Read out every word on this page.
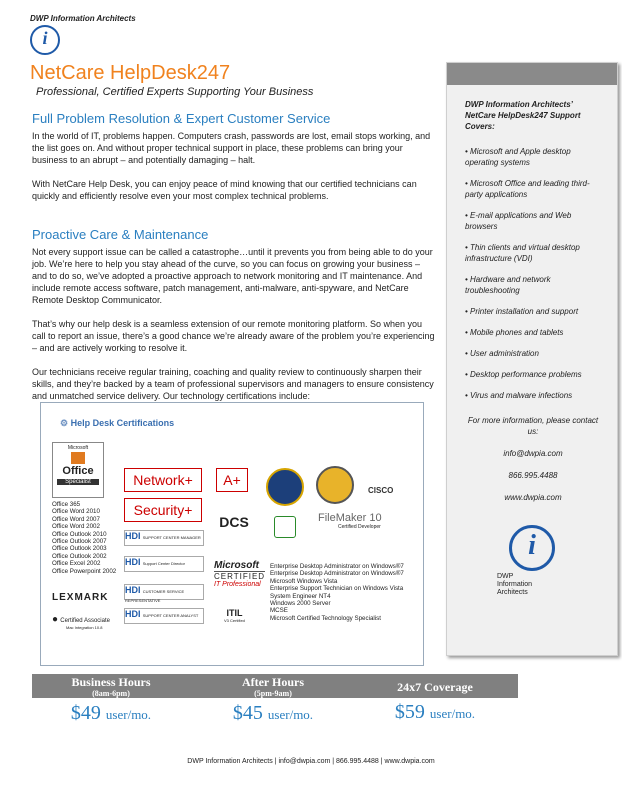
DWP Information Architects
i
NetCare HelpDesk247
Professional, Certified Experts Supporting Your Business
Full Problem Resolution & Expert Customer Service

In the world of IT, problems happen. Computers crash, passwords are lost, email stops working, and the list goes on. And without proper technical support in place, these problems can bring your business to an abrupt – and potentially damaging – halt.

With NetCare Help Desk, you can enjoy peace of mind knowing that our certified technicians can quickly and efficiently resolve even your most complex technical problems.

Proactive Care & Maintenance

Not every support issue can be called a catastrophe…until it prevents you from being able to do your job. We’re here to help you stay ahead of the curve, so you can focus on growing your business – and to do so, we’ve adopted a proactive approach to network monitoring and IT maintenance. And include remote access software, patch management, anti-malware, anti-spyware, and NetCare Remote Desktop Communicator.

That’s why our help desk is a seamless extension of our remote monitoring platform. So when you call to report an issue, there’s a good chance we’re already aware of the problem you’re experiencing – and are actively working to resolve it.

Our technicians receive regular training, coaching and quality review to continuously sharpen their skills, and they’re backed by a team of professional supervisors and managers to ensure consistency and unmatched service delivery. Our technology certifications include:

⚙ Help Desk Certifications
Microsoft
Office
Specialist
Office 365
Office Word 2010
Office Word 2007
Office Word 2002
Office Outlook 2010
Office Outlook 2007
Office Outlook 2003
Office Outlook 2002
Office Excel 2002
Office Powerpoint 2002
LEXMARK
● Certified Associate
Mac Integration 10.8
Network+	A+
Security+
CISCO
HDI SUPPORT CENTER MANAGER
HDI Support Center Director
HDI CUSTOMER SERVICE REPRESENTATIVE
HDI SUPPORT CENTER ANALYST
DCS	FileMaker 10
Certified Developer
Microsoft
CERTIFIED
IT Professional
ITIL
V3 Certified
Enterprise Desktop Administrator on Windows®7
Enterprise Desktop Administrator on Windows®7
Microsoft Windows Vista
Enterprise Support Technician on Windows Vista
System Engineer NT4
Windows 2000 Server
MCSE
Microsoft Certified Technology Specialist
DWP Information Architects’ NetCare HelpDesk247 Support Covers:
• Microsoft and Apple desktop operating systems
• Microsoft Office and leading third-party applications
• E-mail applications and Web browsers
• Thin clients and virtual desktop infrastructure (VDI)
• Hardware and network troubleshooting
• Printer installation and support
• Mobile phones and tablets
• User administration
• Desktop performance problems
• Virus and malware infections
For more information, please contact us:
info@dwpia.com
866.995.4488
www.dwpia.com
i
DWP
Information
Architects
Business Hours
(8am-6pm)
$49 user/mo.
After Hours
(5pm-9am)
$45 user/mo.
24x7 Coverage
$59 user/mo.
DWP Information Architects | info@dwpia.com | 866.995.4488 | www.dwpia.com
